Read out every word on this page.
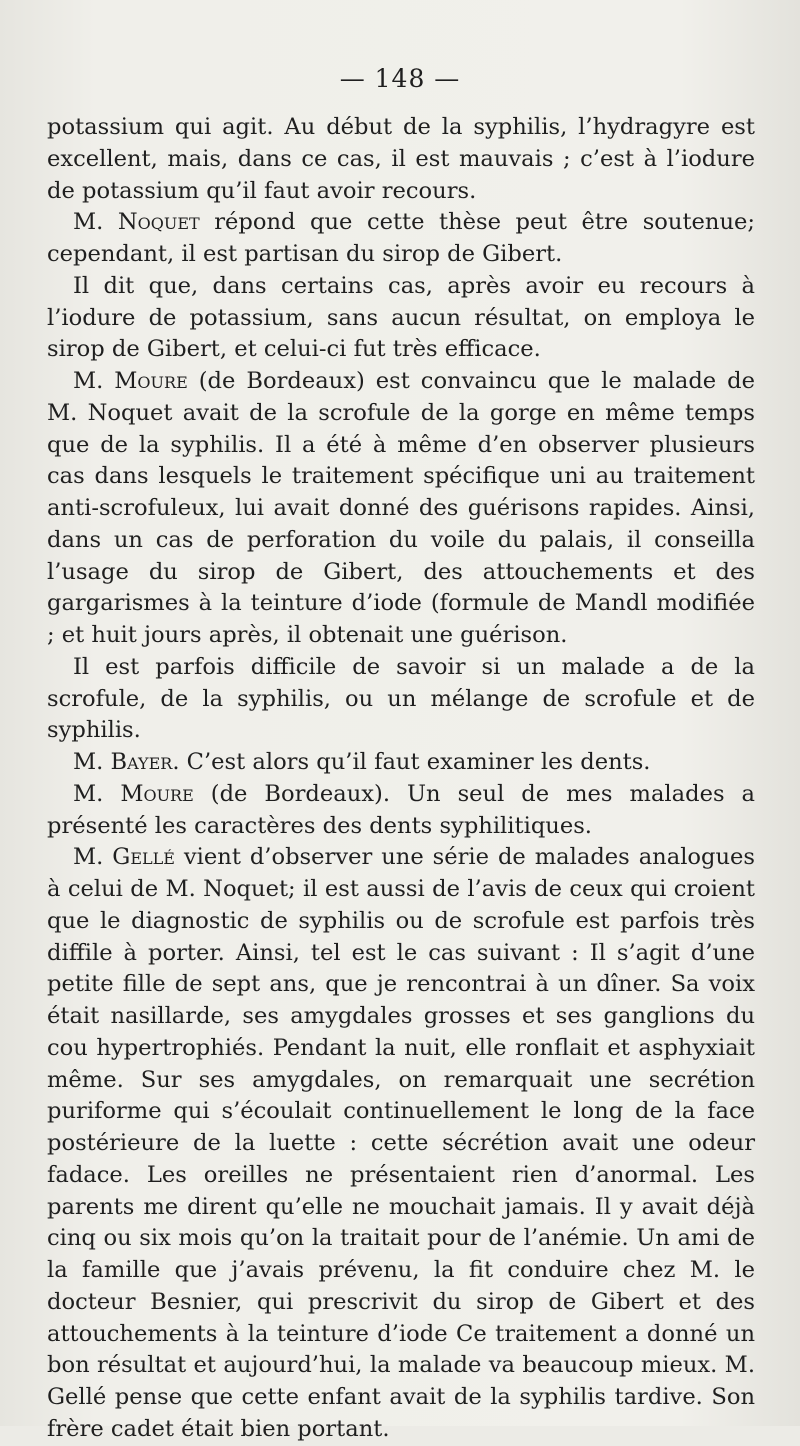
— 148 —

potassium qui agit. Au début de la syphilis, l’hydragyre est excellent, mais, dans ce cas, il est mauvais ; c’est à l’iodure de potassium qu’il faut avoir recours.

M. Noquet répond que cette thèse peut être soutenue; cependant, il est partisan du sirop de Gibert.

Il dit que, dans certains cas, après avoir eu recours à l’iodure de potassium, sans aucun résultat, on employa le sirop de Gibert, et celui-ci fut très efficace.

M. Moure (de Bordeaux) est convaincu que le malade de M. Noquet avait de la scrofule de la gorge en même temps que de la syphilis. Il a été à même d’en observer plusieurs cas dans lesquels le traitement spécifique uni au traitement anti-scrofuleux, lui avait donné des guérisons rapides. Ainsi, dans un cas de perforation du voile du palais, il conseilla l’usage du sirop de Gibert, des attouchements et des gargarismes à la teinture d’iode (formule de Mandl modifiée ; et huit jours après, il obtenait une guérison.

Il est parfois difficile de savoir si un malade a de la scrofule, de la syphilis, ou un mélange de scrofule et de syphilis.

M. Bayer. C’est alors qu’il faut examiner les dents.

M. Moure (de Bordeaux). Un seul de mes malades a présenté les caractères des dents syphilitiques.

M. Gellé vient d’observer une série de malades analogues à celui de M. Noquet; il est aussi de l’avis de ceux qui croient que le diagnostic de syphilis ou de scrofule est parfois très diffile à porter. Ainsi, tel est le cas suivant : Il s’agit d’une petite fille de sept ans, que je rencontrai à un dîner. Sa voix était nasillarde, ses amygdales grosses et ses ganglions du cou hypertrophiés. Pendant la nuit, elle ronflait et asphyxiait même. Sur ses amygdales, on remarquait une secrétion puriforme qui s’écoulait continuellement le long de la face postérieure de la luette : cette sécrétion avait une odeur fadace. Les oreilles ne présentaient rien d’anormal. Les parents me dirent qu’elle ne mouchait jamais. Il y avait déjà cinq ou six mois qu’on la traitait pour de l’anémie. Un ami de la famille que j’avais prévenu, la fit conduire chez M. le docteur Besnier, qui prescrivit du sirop de Gibert et des attouchements à la teinture d’iode Ce traitement a donné un bon résultat et aujourd’hui, la malade va beaucoup mieux. M. Gellé pense que cette enfant avait de la syphilis tardive. Son frère cadet était bien portant.
